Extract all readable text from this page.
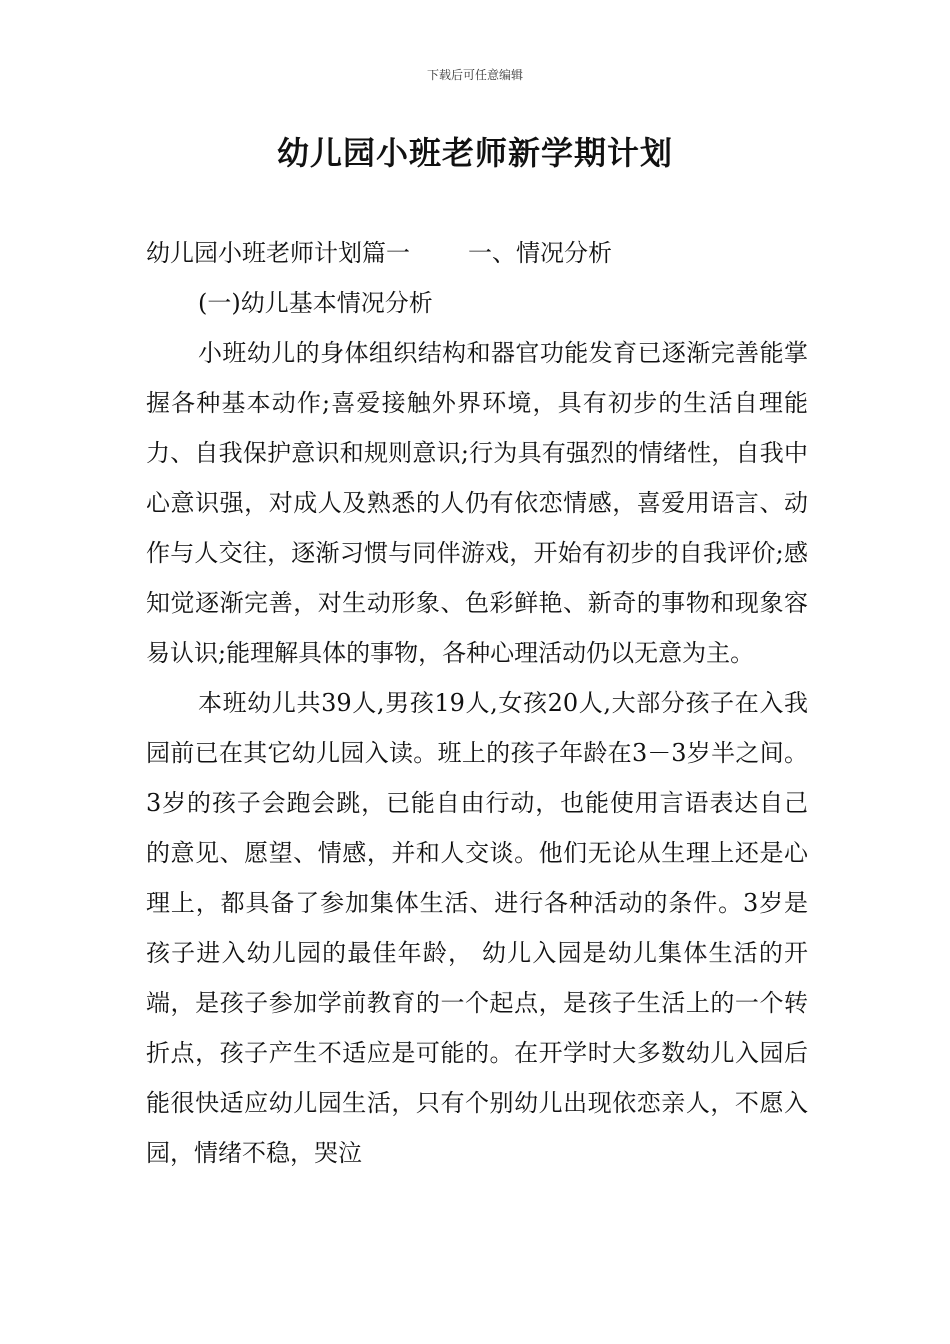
下载后可任意编辑
幼儿园小班老师新学期计划

幼儿园小班老师计划篇一 一、情况分析

(一)幼儿基本情况分析

小班幼儿的身体组织结构和器官功能发育已逐渐完善能掌握各种基本动作;喜爱接触外界环境，具有初步的生活自理能力、自我保护意识和规则意识;行为具有强烈的情绪性，自我中心意识强，对成人及熟悉的人仍有依恋情感，喜爱用语言、动作与人交往，逐渐习惯与同伴游戏，开始有初步的自我评价;感知觉逐渐完善，对生动形象、色彩鲜艳、新奇的事物和现象容易认识;能理解具体的事物，各种心理活动仍以无意为主。

本班幼儿共39人,男孩19人,女孩20人,大部分孩子在入我园前已在其它幼儿园入读。班上的孩子年龄在3－3岁半之间。3岁的孩子会跑会跳，已能自由行动，也能使用言语表达自己的意见、愿望、情感，并和人交谈。他们无论从生理上还是心理上，都具备了参加集体生活、进行各种活动的条件。3岁是孩子进入幼儿园的最佳年龄， 幼儿入园是幼儿集体生活的开端，是孩子参加学前教育的一个起点，是孩子生活上的一个转折点，孩子产生不适应是可能的。在开学时大多数幼儿入园后能很快适应幼儿园生活，只有个别幼儿出现依恋亲人，不愿入园，情绪不稳，哭泣
